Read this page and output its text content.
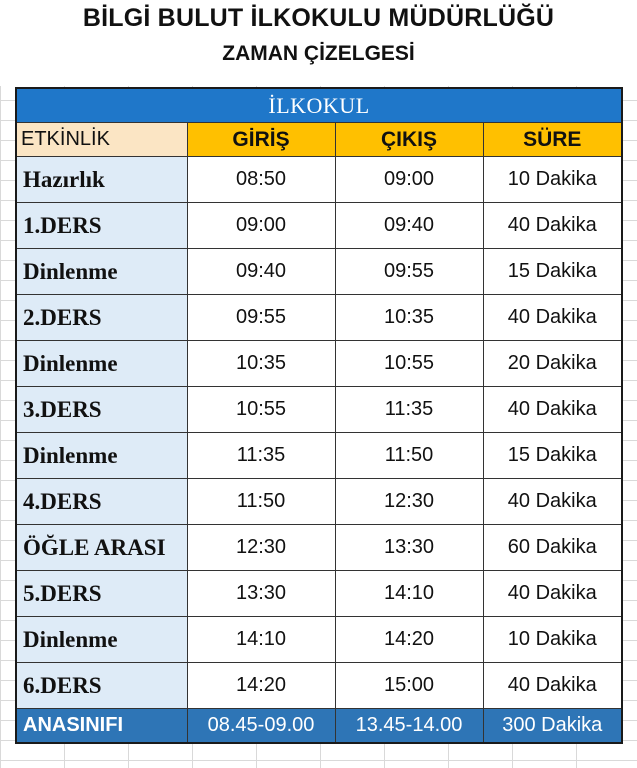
BİLGİ BULUT İLKOKULU MÜDÜRLÜĞÜ
ZAMAN ÇİZELGESİ
İLKOKUL			
ETKİNLİK	GİRİŞ	ÇIKIŞ	SÜRE
Hazırlık	08:50	09:00	10 Dakika
1.DERS	09:00	09:40	40 Dakika
Dinlenme	09:40	09:55	15 Dakika
2.DERS	09:55	10:35	40 Dakika
Dinlenme	10:35	10:55	20 Dakika
3.DERS	10:55	11:35	40 Dakika
Dinlenme	11:35	11:50	15 Dakika
4.DERS	11:50	12:30	40 Dakika
ÖĞLE ARASI	12:30	13:30	60 Dakika
5.DERS	13:30	14:10	40 Dakika
Dinlenme	14:10	14:20	10 Dakika
6.DERS	14:20	15:00	40 Dakika
ANASINIFI	08.45-09.00	13.45-14.00	300 Dakika
